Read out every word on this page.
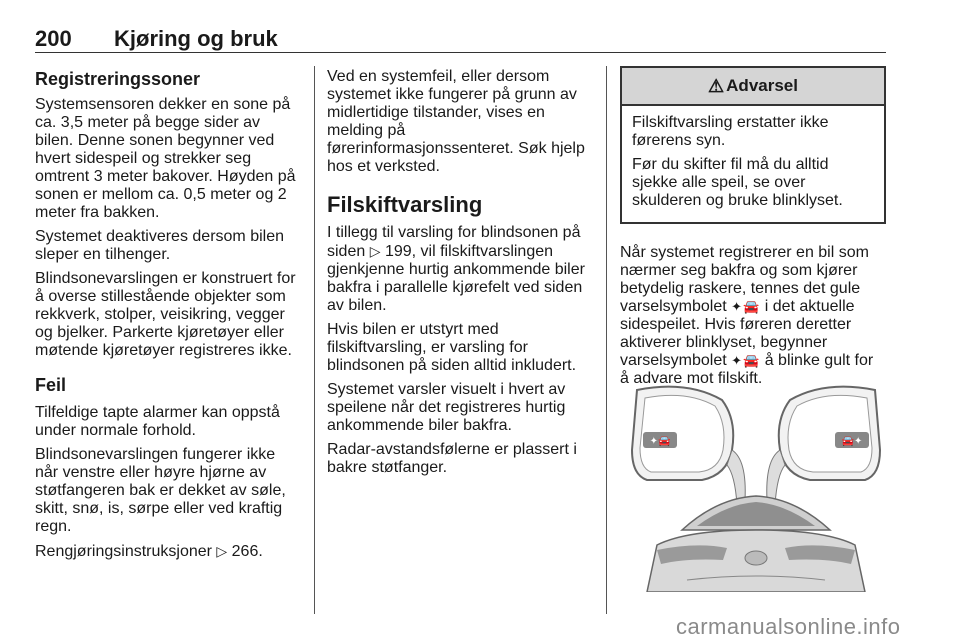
200 Kjøring og bruk
Registreringssoner

Systemsensoren dekker en sone på ca. 3,5 meter på begge sider av bilen. Denne sonen begynner ved hvert sidespeil og strekker seg omtrent 3 meter bakover. Høyden på sonen er mellom ca. 0,5 meter og 2 meter fra bakken.

Systemet deaktiveres dersom bilen sleper en tilhenger.

Blindsonevarslingen er konstruert for å overse stillestående objekter som rekkverk, stolper, veisikring, vegger og bjelker. Parkerte kjøretøyer eller møtende kjøretøyer registreres ikke.

Feil

Tilfeldige tapte alarmer kan oppstå under normale forhold.

Blindsonevarslingen fungerer ikke når venstre eller høyre hjørne av støtfangeren bak er dekket av søle, skitt, snø, is, sørpe eller ved kraftig regn.

Rengjøringsinstruksjoner ▷ 266.

Ved en systemfeil, eller dersom systemet ikke fungerer på grunn av midlertidige tilstander, vises en melding på førerinformasjonssenteret. Søk hjelp hos et verksted.

Filskiftvarsling

I tillegg til varsling for blindsonen på siden ▷ 199, vil filskiftvarslingen gjenkjenne hurtig ankommende biler bakfra i parallelle kjørefelt ved siden av bilen.

Hvis bilen er utstyrt med filskiftvarsling, er varsling for blindsonen på siden alltid inkludert.

Systemet varsler visuelt i hvert av speilene når det registreres hurtig ankommende biler bakfra.

Radar-avstandsfølerne er plassert i bakre støtfanger.

⚠ Advarsel

Filskiftvarsling erstatter ikke førerens syn.

Før du skifter fil må du alltid sjekke alle speil, se over skulderen og bruke blinklyset.

Når systemet registrerer en bil som nærmer seg bakfra og som kjører betydelig raskere, tennes det gule varselsymbolet ✦🚘 i det aktuelle sidespeilet. Hvis føreren deretter aktiverer blinklyset, begynner varselsymbolet ✦🚘 å blinke gult for å advare mot filskift.

✦🚘	🚘✦
carmanualsonline.info
